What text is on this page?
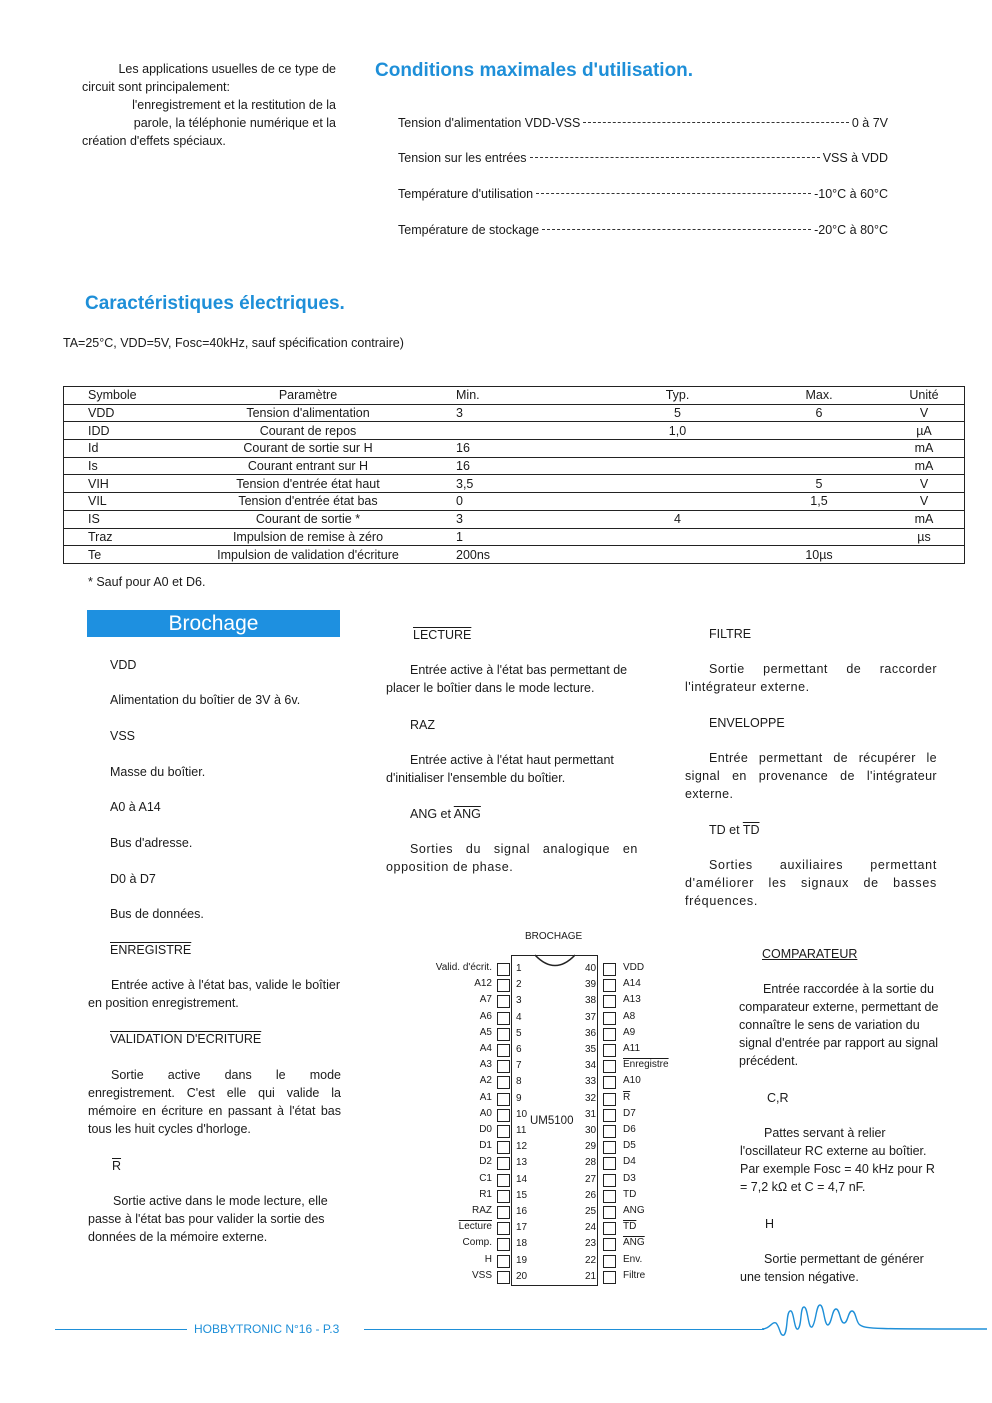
Les applications usuelles de ce type de
circuit sont principalement:
l'enregistrement et la restitution de la
parole, la téléphonie numérique et la
création d'effets spéciaux.
Conditions maximales d'utilisation.
Tension d'alimentation VDD-VSS	0 à 7V
Tension sur les entrées	VSS à VDD
Température d'utilisation	-10°C à 60°C
Température de stockage	-20°C à 80°C
Caractéristiques électriques.
TA=25°C, VDD=5V, Fosc=40kHz, sauf spécification contraire)
Symbole	Paramètre	Min.	Typ.	Max.	Unité
VDD	Tension d'alimentation	3	5	6	V
IDD	Courant de repos		1,0		µA
Id	Courant de sortie sur H	16			mA
Is	Courant entrant sur H	16			mA
VIH	Tension d'entrée état haut	3,5		5	V
VIL	Tension d'entrée état bas	0		1,5	V
IS	Courant de sortie *	3	4		mA
Traz	Impulsion de remise à zéro	1			µs
Te	Impulsion de validation d'écriture	200ns		10µs	
* Sauf pour A0 et D6.
Brochage
VDD
Alimentation du boîtier de 3V à 6v.
VSS
Masse du boîtier.
A0 à A14
Bus d'adresse.
D0 à D7
Bus de données.
ENREGISTRE
Entrée active à l'état bas, valide le boîtier en position enregistrement.
VALIDATION D'ECRITURE
Sortie active dans le mode enregistrement. C'est elle qui valide la mémoire en écriture en passant à l'état bas tous les huit cycles d'horloge.
$\overline{R}$
Sortie active dans le mode lecture, elle passe à l'état bas pour valider la sortie des données de la mémoire externe.
LECTURE
Entrée active à l'état bas permettant de placer le boîtier dans le mode lecture.
RAZ
Entrée active à l'état haut permettant d'initialiser l'ensemble du boîtier.
ANG et $\overline{ANG}$
Sorties du signal analogique en opposition de phase.
FILTRE
Sortie permettant de raccorder l'intégrateur externe.
ENVELOPPE
Entrée permettant de récupérer le signal en provenance de l'intégrateur externe.
TD et $\overline{TD}$
Sorties auxiliaires permettant d'améliorer les signaux de basses fréquences.
COMPARATEUR
Entrée raccordée à la sortie du comparateur externe, permettant de connaître le sens de variation du signal d'entrée par rapport au signal précédent.
C,R
Pattes servant à relier l'oscillateur RC externe au boîtier. Par exemple Fosc = 40 kHz pour R = 7,2 kΩ et C = 4,7 nF.
H
Sortie permettant de générer une tension négative.
BROCHAGE
UM5100
Valid. d'écrit. 1
A12 2
A7 3
A6 4
A5 5
A4 6
A3 7
A2 8
A1 9
A0 10
D0 11
D1 12
D2 13
C1 14
R1 15
RAZ 16
Lecture 17
Comp. 18
H 19
VSS 20
VDD
40
A14
39
A13
38
A8
37
A9
36
A11
35
Enregistre
34
A10
33
$\overline{R}$
32
D7
31
D6
30
D5
29
D4
28
D3
27
TD
26
ANG
25
$\overline{TD}$
24
$\overline{ANG}$
23
Env.
22
Filtre
21
HOBBYTRONIC N°16 - P.3
